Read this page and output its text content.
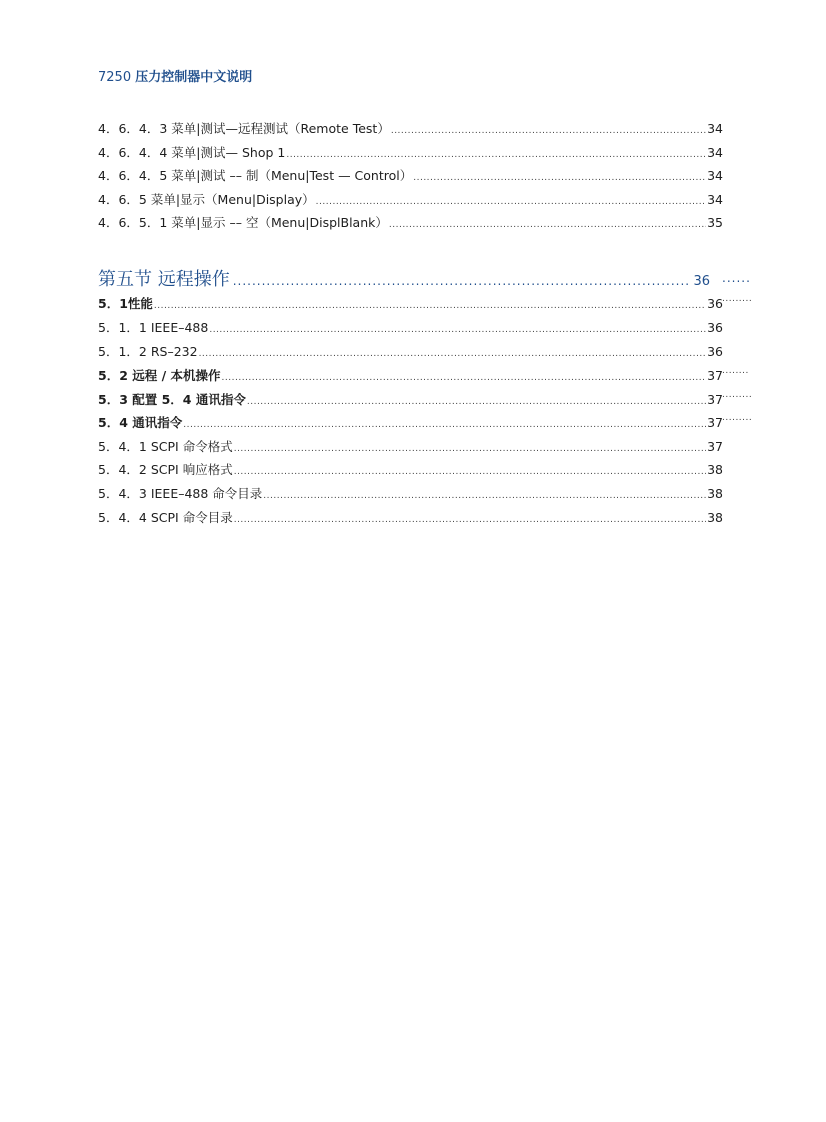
7250 压力控制器中文说明
4．6．4．3 菜单|测试—远程测试（Remote Test） .....	34
4．6．4．4 菜单|测试— Shop 1 .....	34
4．6．4．5 菜单|测试 –– 制（Menu|Test — Control） .....	34
4．6．5 菜单|显示（Menu|Display） .....	34
4．6．5．1 菜单|显示 –– 空（Menu|DisplBlank） .....	35
第五节 远程操作 .....	36 ......
5．1性能 .....	36 .........
5．1．1 IEEE–488 .....	36
5．1．2 RS–232 .....	36
5．2 远程 / 本机操作 .....	37 ........
5．3 配置 5．4 通讯指令 .....	37 .........
5．4 通讯指令 .....	37 .........
5．4．1 SCPI 命令格式 .....	37
5．4．2 SCPI 响应格式 .....	38
5．4．3 IEEE–488 命令目录 .....	38
5．4．4 SCPI 命令目录 .....	38
